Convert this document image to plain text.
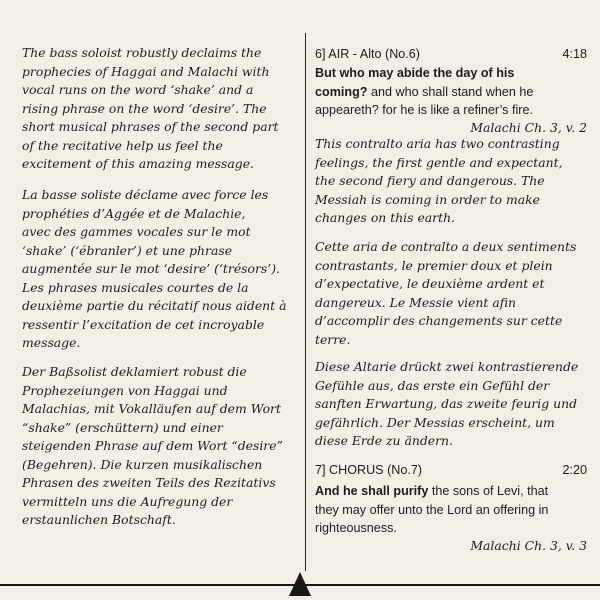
The bass soloist robustly declaims the
prophecies of Haggai and Malachi with
vocal runs on the word ‘shake’ and a
rising phrase on the word ‘desire’. The
short musical phrases of the second part
of the recitative help us feel the
excitement of this amazing message.

La basse soliste déclame avec force les
prophéties d’Aggée et de Malachie,
avec des gammes vocales sur le mot
‘shake’ (‘ébranler’) et une phrase
augmentée sur le mot ‘desire’ (‘trésors’).
Les phrases musicales courtes de la
deuxième partie du récitatif nous aident à
ressentir l’excitation de cet incroyable
message.

Der Baßsolist deklamiert robust die
Prophezeiungen von Haggai und
Malachias, mit Vokalläufen auf dem Wort
“shake” (erschüttern) und einer
steigenden Phrase auf dem Wort “desire”
(Begehren). Die kurzen musikalischen
Phrasen des zweiten Teils des Rezitativs
vermitteln uns die Aufregung der
erstaunlichen Botschaft.

6] AIR - Alto (No.6)	4:18
But who may abide the day of his
coming? and who shall stand when he
appeareth? for he is like a refiner’s fire.
Malachi Ch. 3, v. 2

This contralto aria has two contrasting
feelings, the first gentle and expectant,
the second fiery and dangerous. The
Messiah is coming in order to make
changes on this earth.

Cette aria de contralto a deux sentiments
contrastants, le premier doux et plein
d’expectative, le deuxième ardent et
dangereux. Le Messie vient afin
d’accomplir des changements sur cette
terre.

Diese Altarie drückt zwei kontrastierende
Gefühle aus, das erste ein Gefühl der
sanften Erwartung, das zweite feurig und
gefährlich. Der Messias erscheint, um
diese Erde zu ändern.

7] CHORUS (No.7)	2:20
And he shall purify the sons of Levi, that
they may offer unto the Lord an offering in
righteousness.
Malachi Ch. 3, v. 3
